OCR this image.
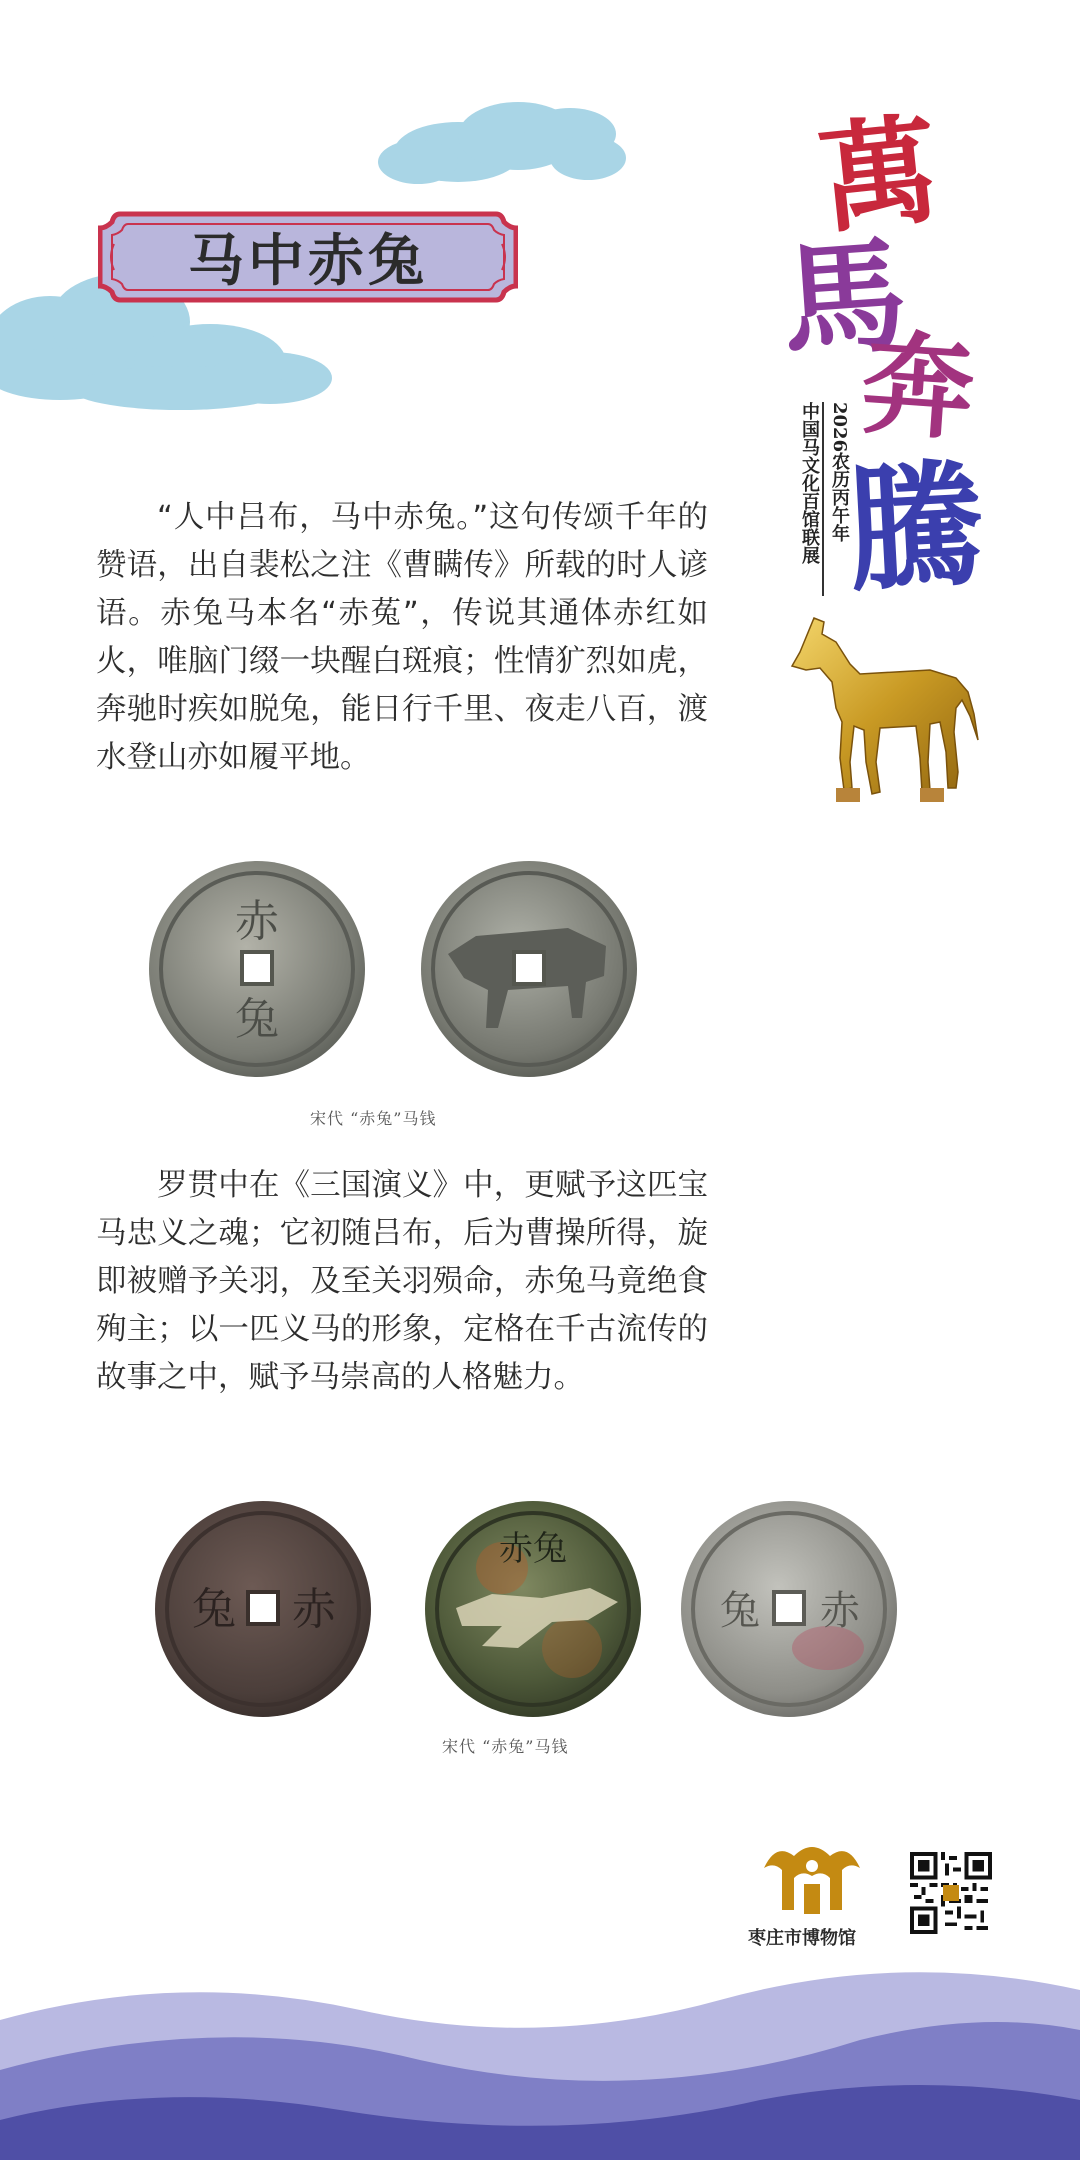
马中赤兔
萬
馬
奔
騰
2026农历丙午年
中国马文化百馆联展

“人中吕布，马中赤兔。”这句传颂千年的赞语，出自裴松之注《曹瞒传》所载的时人谚语。赤兔马本名“赤菟”，传说其通体赤红如火，唯脑门缀一块醒白斑痕；性情犷烈如虎，奔驰时疾如脱兔，能日行千里、夜走八百，渡水登山亦如履平地。

赤
兔
宋代 “赤兔”马钱

罗贯中在《三国演义》中，更赋予这匹宝马忠义之魂；它初随吕布，后为曹操所得，旋即被赠予关羽，及至关羽殒命，赤兔马竟绝食殉主；以一匹义马的形象，定格在千古流传的故事之中，赋予马崇高的人格魅力。

兔 赤
赤兔
兔 赤
宋代 “赤兔”马钱
枣庄市博物馆
